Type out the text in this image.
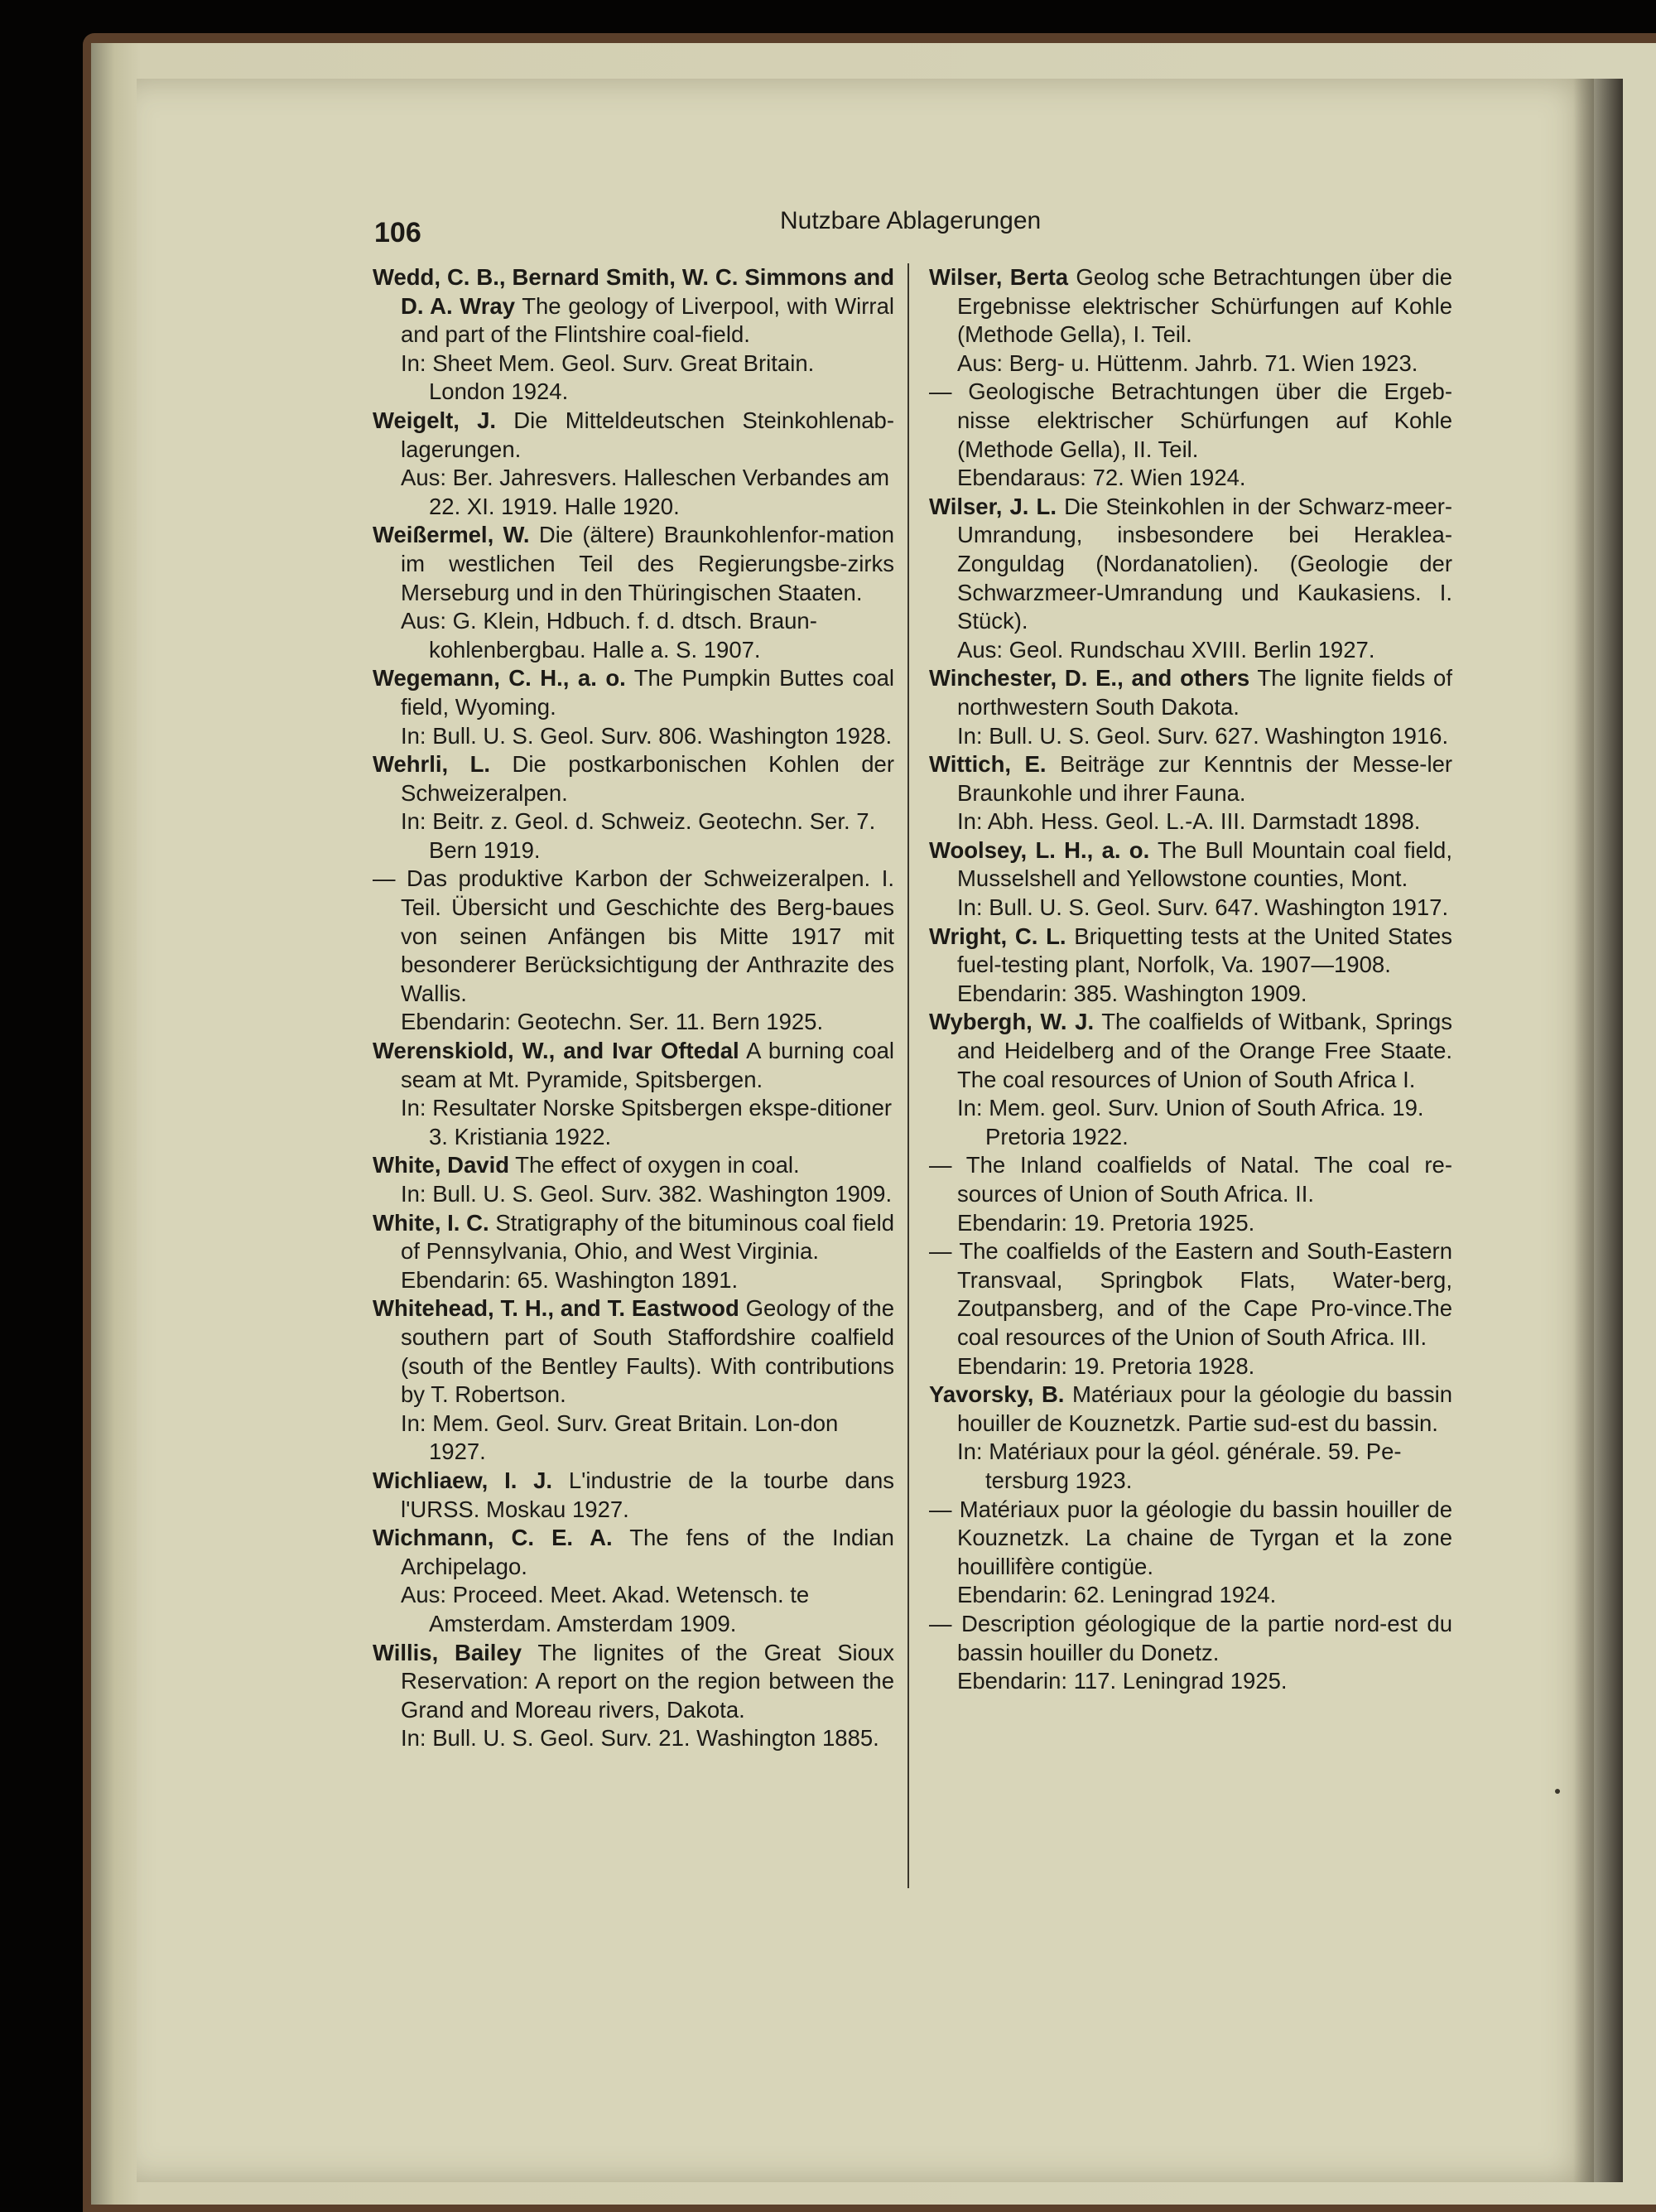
106	Nutzbare Ablagerungen
Wedd, C. B., Bernard Smith, W. C. Simmons and D. A. Wray The geology of Liverpool, with Wirral and part of the Flintshire coal-field.
In: Sheet Mem. Geol. Surv. Great Britain. London 1924.
Weigelt, J. Die Mitteldeutschen Steinkohlenab-lagerungen.
Aus: Ber. Jahresvers. Halleschen Verbandes am 22. XI. 1919. Halle 1920.
Weißermel, W. Die (ältere) Braunkohlenfor-mation im westlichen Teil des Regierungsbe-zirks Merseburg und in den Thüringischen Staaten.
Aus: G. Klein, Hdbuch. f. d. dtsch. Braun-kohlenbergbau. Halle a. S. 1907.
Wegemann, C. H., a. o. The Pumpkin Buttes coal field, Wyoming.
In: Bull. U. S. Geol. Surv. 806. Washington 1928.
Wehrli, L. Die postkarbonischen Kohlen der Schweizeralpen.
In: Beitr. z. Geol. d. Schweiz. Geotechn. Ser. 7. Bern 1919.
— Das produktive Karbon der Schweizeralpen. I. Teil. Übersicht und Geschichte des Berg-baues von seinen Anfängen bis Mitte 1917 mit besonderer Berücksichtigung der Anthrazite des Wallis.
Ebendarin: Geotechn. Ser. 11. Bern 1925.
Werenskiold, W., and Ivar Oftedal A burning coal seam at Mt. Pyramide, Spitsbergen.
In: Resultater Norske Spitsbergen ekspe-ditioner 3. Kristiania 1922.
White, David The effect of oxygen in coal.
In: Bull. U. S. Geol. Surv. 382. Washington 1909.
White, I. C. Stratigraphy of the bituminous coal field of Pennsylvania, Ohio, and West Virginia.
Ebendarin: 65. Washington 1891.
Whitehead, T. H., and T. Eastwood Geology of the southern part of South Staffordshire coalfield (south of the Bentley Faults). With contributions by T. Robertson.
In: Mem. Geol. Surv. Great Britain. Lon-don 1927.
Wichliaew, I. J. L'industrie de la tourbe dans l'URSS. Moskau 1927.
Wichmann, C. E. A. The fens of the Indian Archipelago.
Aus: Proceed. Meet. Akad. Wetensch. te Amsterdam. Amsterdam 1909.
Willis, Bailey The lignites of the Great Sioux Reservation: A report on the region between the Grand and Moreau rivers, Dakota.
In: Bull. U. S. Geol. Surv. 21. Washington 1885.
Wilser, Berta Geolog sche Betrachtungen über die Ergebnisse elektrischer Schürfungen auf Kohle (Methode Gella), I. Teil.
Aus: Berg- u. Hüttenm. Jahrb. 71. Wien 1923.
— Geologische Betrachtungen über die Ergeb-nisse elektrischer Schürfungen auf Kohle (Methode Gella), II. Teil.
Ebendaraus: 72. Wien 1924.
Wilser, J. L. Die Steinkohlen in der Schwarz-meer-Umrandung, insbesondere bei Heraklea-Zonguldag (Nordanatolien). (Geologie der Schwarzmeer-Umrandung und Kaukasiens. I. Stück).
Aus: Geol. Rundschau XVIII. Berlin 1927.
Winchester, D. E., and others The lignite fields of northwestern South Dakota.
In: Bull. U. S. Geol. Surv. 627. Washington 1916.
Wittich, E. Beiträge zur Kenntnis der Messe-ler Braunkohle und ihrer Fauna.
In: Abh. Hess. Geol. L.-A. III. Darmstadt 1898.
Woolsey, L. H., a. o. The Bull Mountain coal field, Musselshell and Yellowstone counties, Mont.
In: Bull. U. S. Geol. Surv. 647. Washington 1917.
Wright, C. L. Briquetting tests at the United States fuel-testing plant, Norfolk, Va. 1907—1908.
Ebendarin: 385. Washington 1909.
Wybergh, W. J. The coalfields of Witbank, Springs and Heidelberg and of the Orange Free Staate. The coal resources of Union of South Africa I.
In: Mem. geol. Surv. Union of South Africa. 19. Pretoria 1922.
— The Inland coalfields of Natal. The coal re-sources of Union of South Africa. II.
Ebendarin: 19. Pretoria 1925.
— The coalfields of the Eastern and South-Eastern Transvaal, Springbok Flats, Water-berg, Zoutpansberg, and of the Cape Pro-vince.The coal resources of the Union of South Africa. III.
Ebendarin: 19. Pretoria 1928.
Yavorsky, B. Matériaux pour la géologie du bassin houiller de Kouznetzk. Partie sud-est du bassin.
In: Matériaux pour la géol. générale. 59. Pe-tersburg 1923.
— Matériaux puor la géologie du bassin houiller de Kouznetzk. La chaine de Tyrgan et la zone houillifère contigüe.
Ebendarin: 62. Leningrad 1924.
— Description géologique de la partie nord-est du bassin houiller du Donetz.
Ebendarin: 117. Leningrad 1925.
